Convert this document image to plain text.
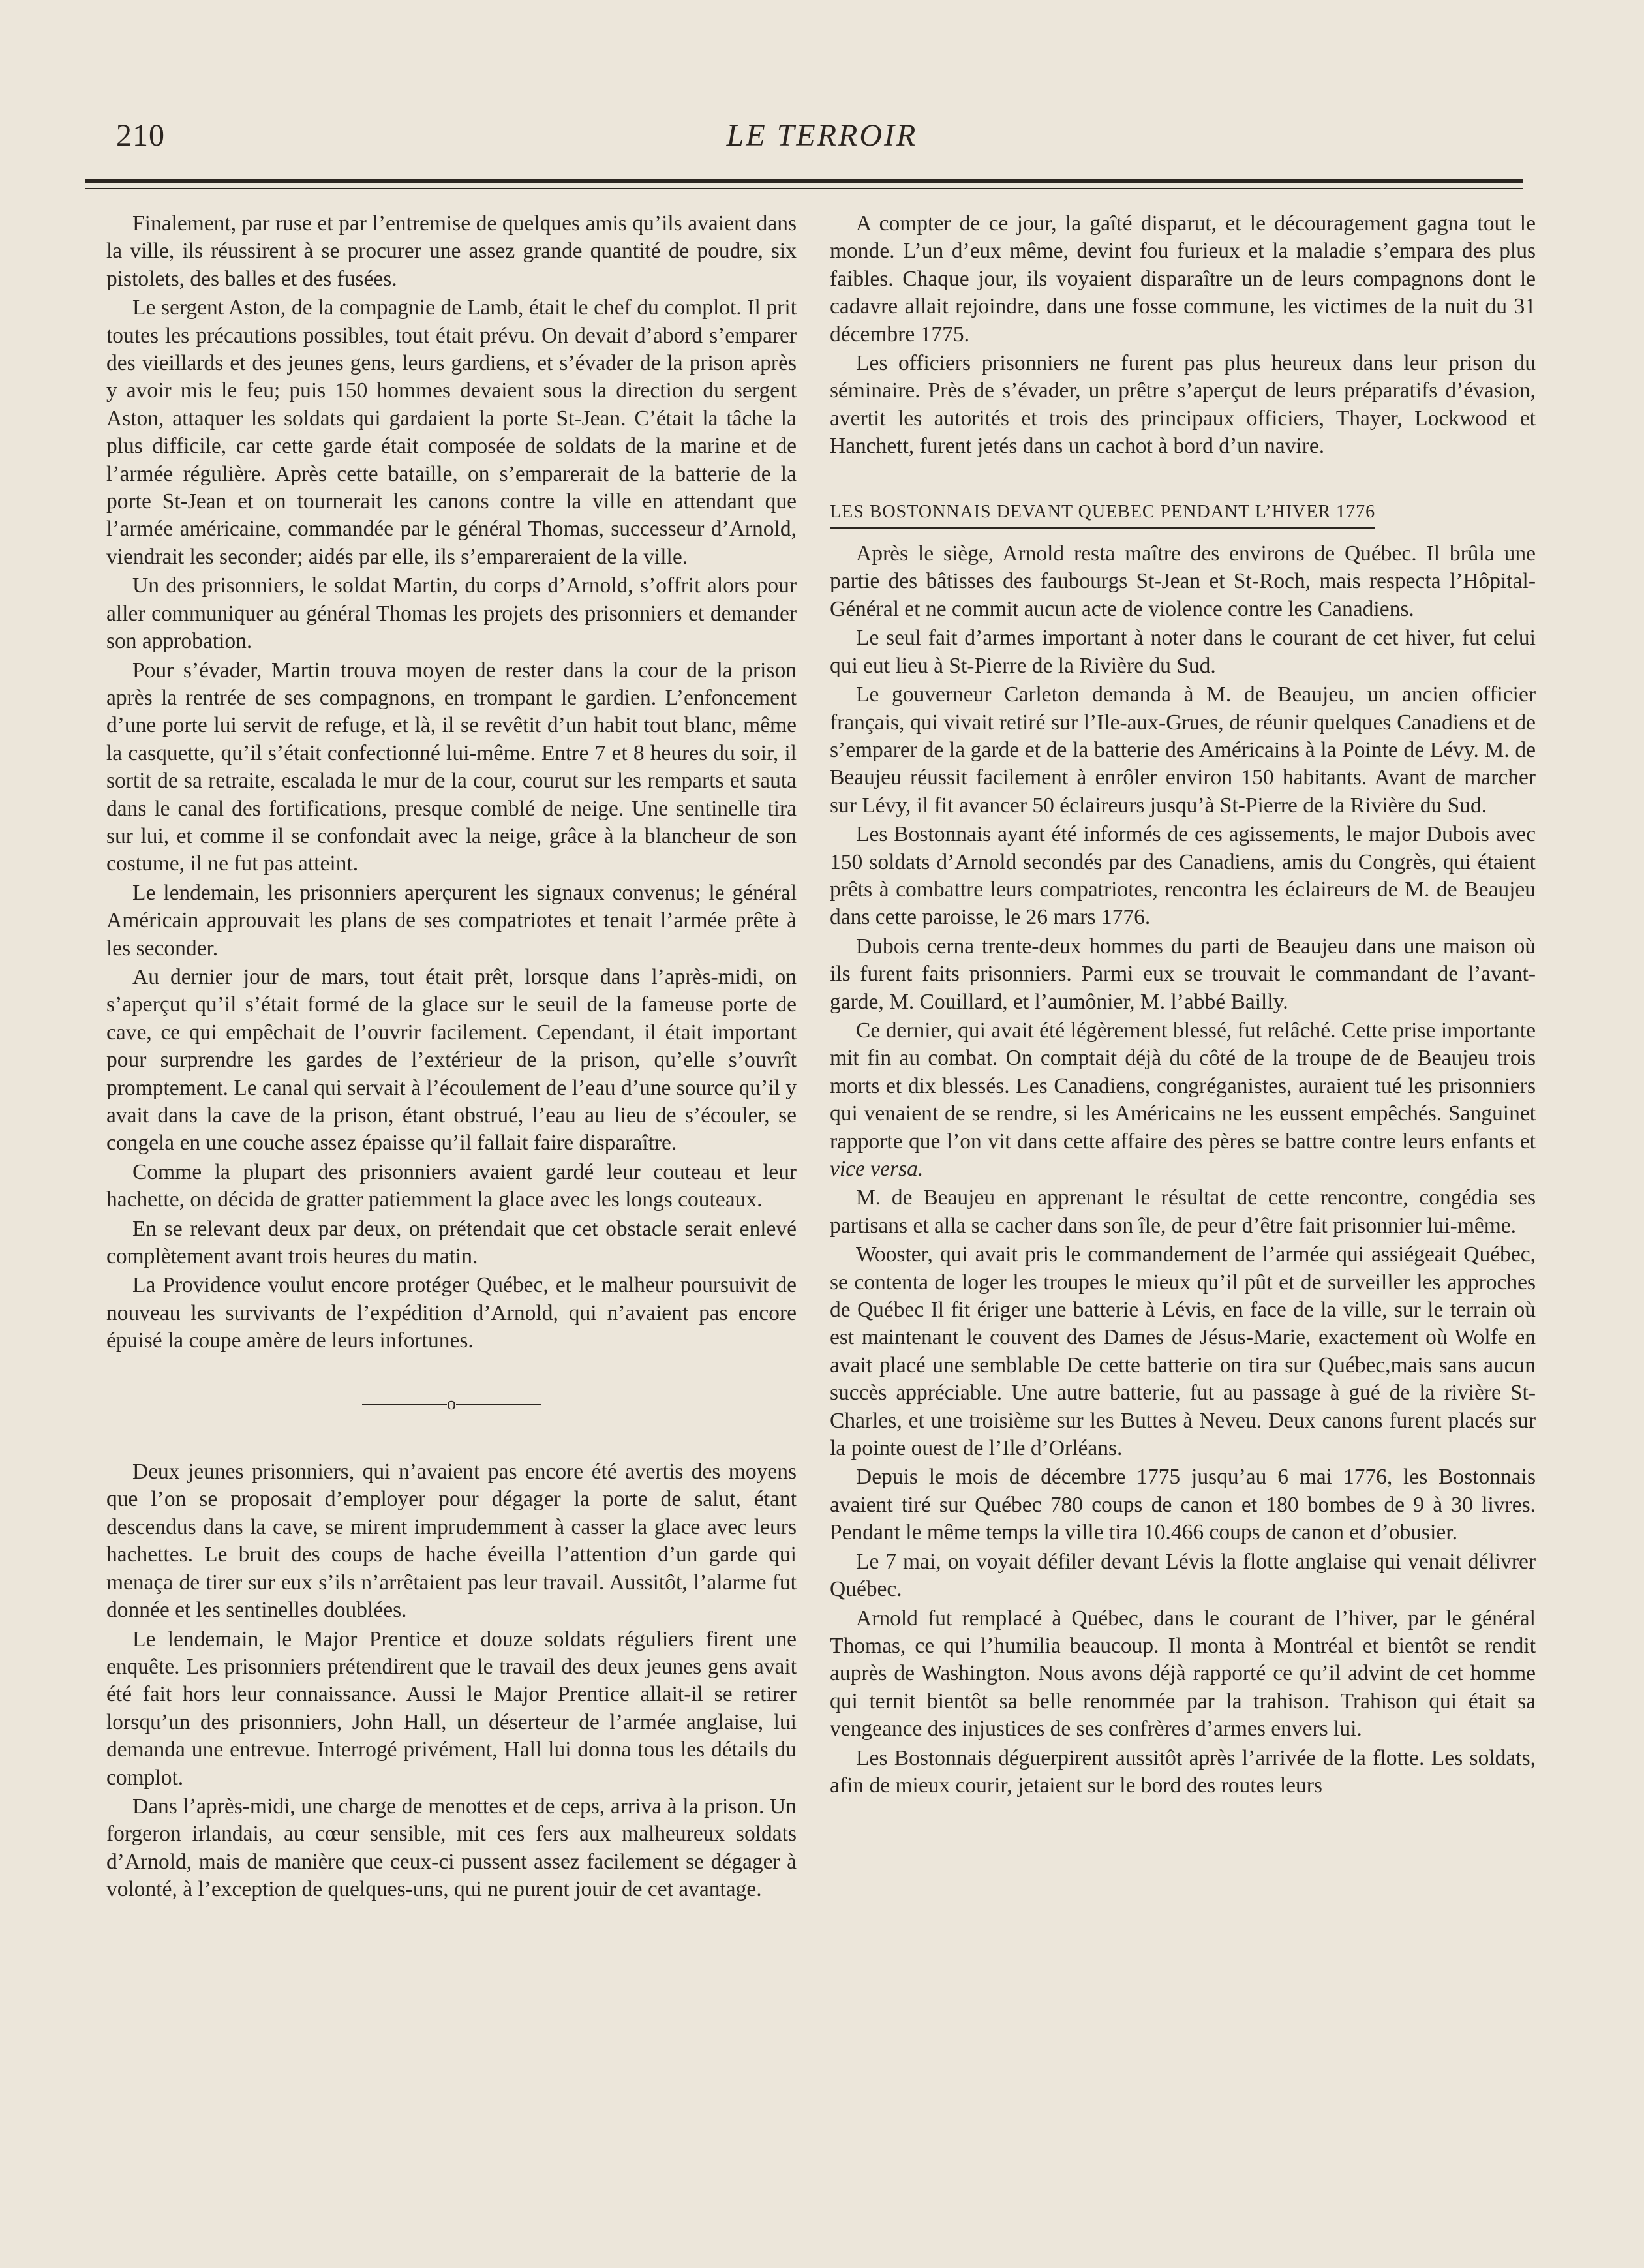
210	LE TERROIR

Finalement, par ruse et par l’entremise de quelques amis qu’ils avaient dans la ville, ils réussirent à se procurer une assez grande quantité de poudre, six pistolets, des balles et des fusées.

Le sergent Aston, de la compagnie de Lamb, était le chef du complot. Il prit toutes les précautions possibles, tout était prévu. On devait d’abord s’emparer des vieillards et des jeunes gens, leurs gardiens, et s’évader de la prison après y avoir mis le feu; puis 150 hommes devaient sous la direction du sergent Aston, attaquer les soldats qui gardaient la porte St-Jean. C’était la tâche la plus difficile, car cette garde était composée de soldats de la marine et de l’armée régulière. Après cette bataille, on s’emparerait de la batterie de la porte St-Jean et on tournerait les canons contre la ville en attendant que l’armée américaine, commandée par le général Thomas, successeur d’Arnold, viendrait les seconder; aidés par elle, ils s’empareraient de la ville.

Un des prisonniers, le soldat Martin, du corps d’Arnold, s’offrit alors pour aller communiquer au général Thomas les projets des prisonniers et demander son approbation.

Pour s’évader, Martin trouva moyen de rester dans la cour de la prison après la rentrée de ses compagnons, en trompant le gardien. L’enfoncement d’une porte lui servit de refuge, et là, il se revêtit d’un habit tout blanc, même la casquette, qu’il s’était confectionné lui-même. Entre 7 et 8 heures du soir, il sortit de sa retraite, escalada le mur de la cour, courut sur les remparts et sauta dans le canal des fortifications, presque comblé de neige. Une sentinelle tira sur lui, et comme il se confondait avec la neige, grâce à la blancheur de son costume, il ne fut pas atteint.

Le lendemain, les prisonniers aperçurent les signaux convenus; le général Américain approuvait les plans de ses compatriotes et tenait l’armée prête à les seconder.

Au dernier jour de mars, tout était prêt, lorsque dans l’après-midi, on s’aperçut qu’il s’était formé de la glace sur le seuil de la fameuse porte de cave, ce qui empêchait de l’ouvrir facilement. Cependant, il était important pour surprendre les gardes de l’extérieur de la prison, qu’elle s’ouvrît promptement. Le canal qui servait à l’écoulement de l’eau d’une source qu’il y avait dans la cave de la prison, étant obstrué, l’eau au lieu de s’écouler, se congela en une couche assez épaisse qu’il fallait faire disparaître.

Comme la plupart des prisonniers avaient gardé leur couteau et leur hachette, on décida de gratter patiemment la glace avec les longs couteaux.

En se relevant deux par deux, on prétendait que cet obstacle serait enlevé complètement avant trois heures du matin.

La Providence voulut encore protéger Québec, et le malheur poursuivit de nouveau les survivants de l’expédition d’Arnold, qui n’avaient pas encore épuisé la coupe amère de leurs infortunes.

o

Deux jeunes prisonniers, qui n’avaient pas encore été avertis des moyens que l’on se proposait d’employer pour dégager la porte de salut, étant descendus dans la cave, se mirent imprudemment à casser la glace avec leurs hachettes. Le bruit des coups de hache éveilla l’attention d’un garde qui menaça de tirer sur eux s’ils n’arrêtaient pas leur travail. Aussitôt, l’alarme fut donnée et les sentinelles doublées.

Le lendemain, le Major Prentice et douze soldats réguliers firent une enquête. Les prisonniers prétendirent que le travail des deux jeunes gens avait été fait hors leur connaissance. Aussi le Major Prentice allait-il se retirer lorsqu’un des prisonniers, John Hall, un déserteur de l’armée anglaise, lui demanda une entrevue. Interrogé privément, Hall lui donna tous les détails du complot.

Dans l’après-midi, une charge de menottes et de ceps, arriva à la prison. Un forgeron irlandais, au cœur sensible, mit ces fers aux malheureux soldats d’Arnold, mais de manière que ceux-ci pussent assez facilement se dégager à volonté, à l’exception de quelques-uns, qui ne purent jouir de cet avantage.

A compter de ce jour, la gaîté disparut, et le découragement gagna tout le monde. L’un d’eux même, devint fou furieux et la maladie s’empara des plus faibles. Chaque jour, ils voyaient disparaître un de leurs compagnons dont le cadavre allait rejoindre, dans une fosse commune, les victimes de la nuit du 31 décembre 1775.

Les officiers prisonniers ne furent pas plus heureux dans leur prison du séminaire. Près de s’évader, un prêtre s’aperçut de leurs préparatifs d’évasion, avertit les autorités et trois des principaux officiers, Thayer, Lockwood et Hanchett, furent jetés dans un cachot à bord d’un navire.

LES BOSTONNAIS DEVANT QUEBEC PENDANT L’HIVER 1776

Après le siège, Arnold resta maître des environs de Québec. Il brûla une partie des bâtisses des faubourgs St-Jean et St-Roch, mais respecta l’Hôpital-Général et ne commit aucun acte de violence contre les Canadiens.

Le seul fait d’armes important à noter dans le courant de cet hiver, fut celui qui eut lieu à St-Pierre de la Rivière du Sud.

Le gouverneur Carleton demanda à M. de Beaujeu, un ancien officier français, qui vivait retiré sur l’Ile-aux-Grues, de réunir quelques Canadiens et de s’emparer de la garde et de la batterie des Américains à la Pointe de Lévy. M. de Beaujeu réussit facilement à enrôler environ 150 habitants. Avant de marcher sur Lévy, il fit avancer 50 éclaireurs jusqu’à St-Pierre de la Rivière du Sud.

Les Bostonnais ayant été informés de ces agissements, le major Dubois avec 150 soldats d’Arnold secondés par des Canadiens, amis du Congrès, qui étaient prêts à combattre leurs compatriotes, rencontra les éclaireurs de M. de Beaujeu dans cette paroisse, le 26 mars 1776.

Dubois cerna trente-deux hommes du parti de Beaujeu dans une maison où ils furent faits prisonniers. Parmi eux se trouvait le commandant de l’avant-garde, M. Couillard, et l’aumônier, M. l’abbé Bailly.

Ce dernier, qui avait été légèrement blessé, fut relâché. Cette prise importante mit fin au combat. On comptait déjà du côté de la troupe de de Beaujeu trois morts et dix blessés. Les Canadiens, congréganistes, auraient tué les prisonniers qui venaient de se rendre, si les Américains ne les eussent empêchés. Sanguinet rapporte que l’on vit dans cette affaire des pères se battre contre leurs enfants et vice versa.

M. de Beaujeu en apprenant le résultat de cette rencontre, congédia ses partisans et alla se cacher dans son île, de peur d’être fait prisonnier lui-même.

Wooster, qui avait pris le commandement de l’armée qui assiégeait Québec, se contenta de loger les troupes le mieux qu’il pût et de surveiller les approches de Québec Il fit ériger une batterie à Lévis, en face de la ville, sur le terrain où est maintenant le couvent des Dames de Jésus-Marie, exactement où Wolfe en avait placé une semblable De cette batterie on tira sur Québec,mais sans aucun succès appréciable. Une autre batterie, fut au passage à gué de la rivière St-Charles, et une troisième sur les Buttes à Neveu. Deux canons furent placés sur la pointe ouest de l’Ile d’Orléans.

Depuis le mois de décembre 1775 jusqu’au 6 mai 1776, les Bostonnais avaient tiré sur Québec 780 coups de canon et 180 bombes de 9 à 30 livres. Pendant le même temps la ville tira 10.466 coups de canon et d’obusier.

Le 7 mai, on voyait défiler devant Lévis la flotte anglaise qui venait délivrer Québec.

Arnold fut remplacé à Québec, dans le courant de l’hiver, par le général Thomas, ce qui l’humilia beaucoup. Il monta à Montréal et bientôt se rendit auprès de Washington. Nous avons déjà rapporté ce qu’il advint de cet homme qui ternit bientôt sa belle renommée par la trahison. Trahison qui était sa vengeance des injustices de ses confrères d’armes envers lui.

Les Bostonnais déguerpirent aussitôt après l’arrivée de la flotte. Les soldats, afin de mieux courir, jetaient sur le bord des routes leurs
